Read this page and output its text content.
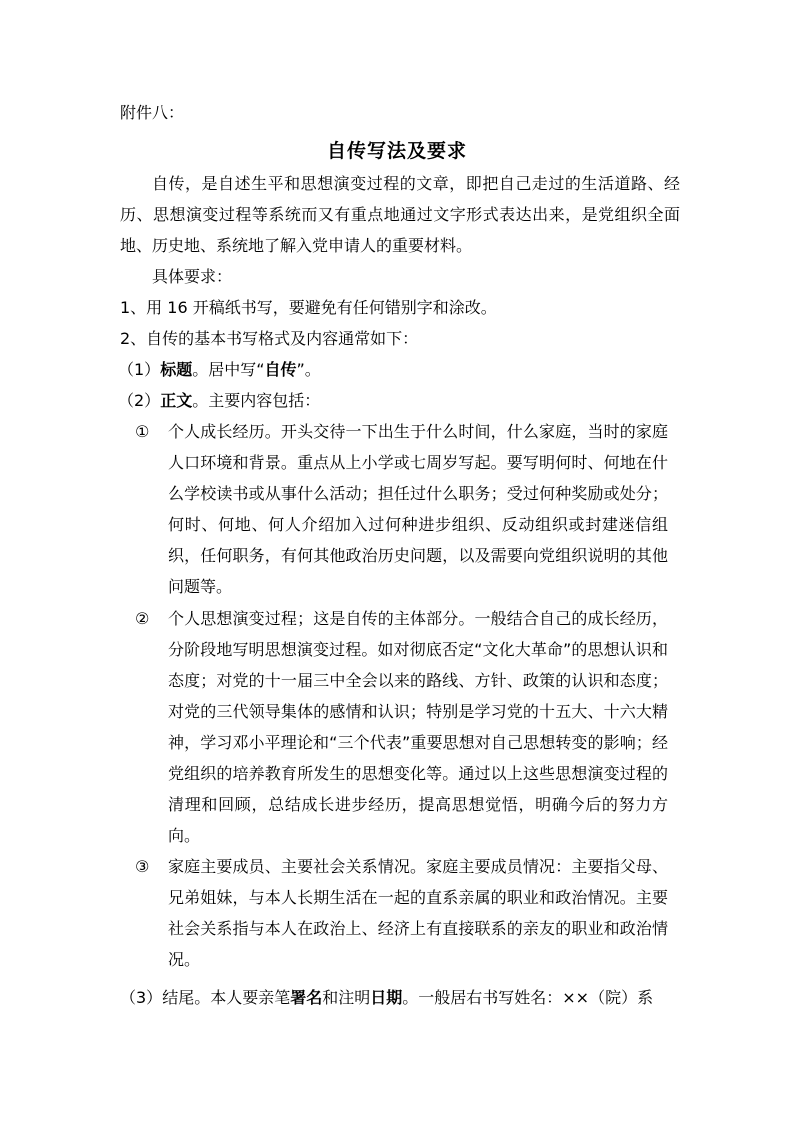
附件八：
自传写法及要求
自传，是自述生平和思想演变过程的文章，即把自己走过的生活道路、经历、思想演变过程等系统而又有重点地通过文字形式表达出来，是党组织全面地、历史地、系统地了解入党申请人的重要材料。
具体要求：
1、用 16 开稿纸书写，要避免有任何错别字和涂改。
2、自传的基本书写格式及内容通常如下：
（1）标题。居中写“自传”。
（2）正文。主要内容包括：
① 个人成长经历。开头交待一下出生于什么时间，什么家庭，当时的家庭人口环境和背景。重点从上小学或七周岁写起。要写明何时、何地在什么学校读书或从事什么活动；担任过什么职务；受过何种奖励或处分；何时、何地、何人介绍加入过何种进步组织、反动组织或封建迷信组织，任何职务，有何其他政治历史问题，以及需要向党组织说明的其他问题等。
② 个人思想演变过程；这是自传的主体部分。一般结合自己的成长经历，分阶段地写明思想演变过程。如对彻底否定“文化大革命”的思想认识和态度；对党的十一届三中全会以来的路线、方针、政策的认识和态度；对党的三代领导集体的感情和认识；特别是学习党的十五大、十六大精神，学习邓小平理论和“三个代表”重要思想对自己思想转变的影响；经党组织的培养教育所发生的思想变化等。通过以上这些思想演变过程的清理和回顾，总结成长进步经历，提高思想觉悟，明确今后的努力方向。
③ 家庭主要成员、主要社会关系情况。家庭主要成员情况：主要指父母、兄弟姐妹，与本人长期生活在一起的直系亲属的职业和政治情况。主要社会关系指与本人在政治上、经济上有直接联系的亲友的职业和政治情况。
（3）结尾。本人要亲笔署名和注明日期。一般居右书写姓名：××（院）系
